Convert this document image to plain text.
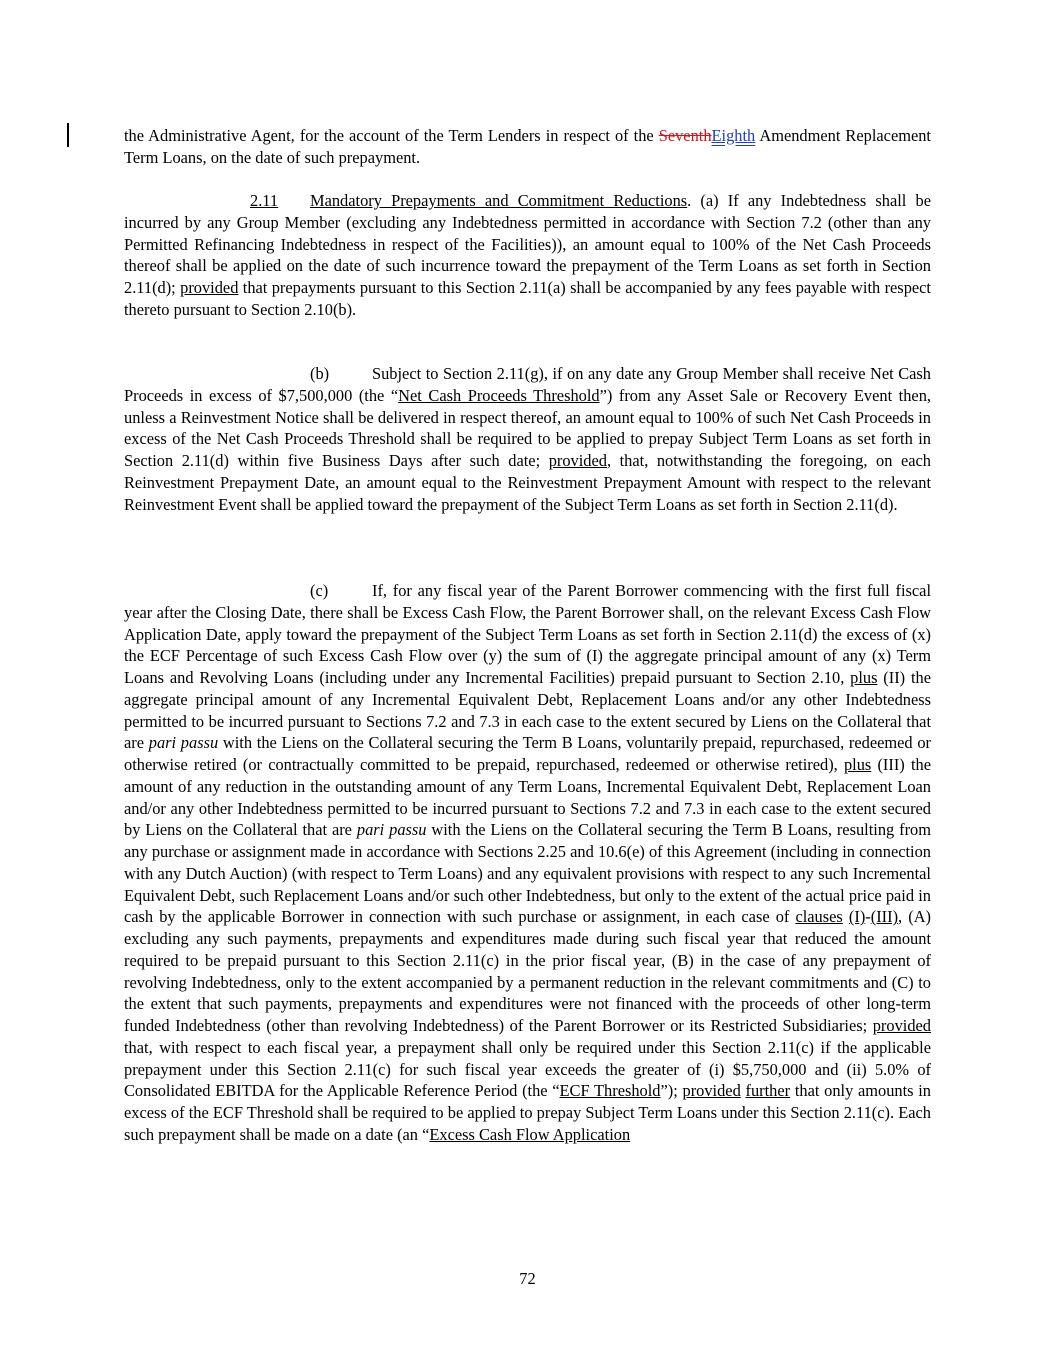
the Administrative Agent, for the account of the Term Lenders in respect of the SeventhEighth Amendment Replacement Term Loans, on the date of such prepayment.

2.11 Mandatory Prepayments and Commitment Reductions. (a) If any Indebtedness shall be incurred by any Group Member (excluding any Indebtedness permitted in accordance with Section 7.2 (other than any Permitted Refinancing Indebtedness in respect of the Facilities)), an amount equal to 100% of the Net Cash Proceeds thereof shall be applied on the date of such incurrence toward the prepayment of the Term Loans as set forth in Section 2.11(d); provided that prepayments pursuant to this Section 2.11(a) shall be accompanied by any fees payable with respect thereto pursuant to Section 2.10(b).

(b)	Subject to Section 2.11(g), if on any date any Group Member shall receive Net Cash Proceeds in excess of $7,500,000 (the “Net Cash Proceeds Threshold”) from any Asset Sale or Recovery Event then, unless a Reinvestment Notice shall be delivered in respect thereof, an amount equal to 100% of such Net Cash Proceeds in excess of the Net Cash Proceeds Threshold shall be required to be applied to prepay Subject Term Loans as set forth in Section 2.11(d) within five Business Days after such date; provided, that, notwithstanding the foregoing, on each Reinvestment Prepayment Date, an amount equal to the Reinvestment Prepayment Amount with respect to the relevant Reinvestment Event shall be applied toward the prepayment of the Subject Term Loans as set forth in Section 2.11(d).

(c)	If, for any fiscal year of the Parent Borrower commencing with the first full fiscal year after the Closing Date, there shall be Excess Cash Flow, the Parent Borrower shall, on the relevant Excess Cash Flow Application Date, apply toward the prepayment of the Subject Term Loans as set forth in Section 2.11(d) the excess of (x) the ECF Percentage of such Excess Cash Flow over (y) the sum of (I) the aggregate principal amount of any (x) Term Loans and Revolving Loans (including under any Incremental Facilities) prepaid pursuant to Section 2.10, plus (II) the aggregate principal amount of any Incremental Equivalent Debt, Replacement Loans and/or any other Indebtedness permitted to be incurred pursuant to Sections 7.2 and 7.3 in each case to the extent secured by Liens on the Collateral that are pari passu with the Liens on the Collateral securing the Term B Loans, voluntarily prepaid, repurchased, redeemed or otherwise retired (or contractually committed to be prepaid, repurchased, redeemed or otherwise retired), plus (III) the amount of any reduction in the outstanding amount of any Term Loans, Incremental Equivalent Debt, Replacement Loan and/or any other Indebtedness permitted to be incurred pursuant to Sections 7.2 and 7.3 in each case to the extent secured by Liens on the Collateral that are pari passu with the Liens on the Collateral securing the Term B Loans, resulting from any purchase or assignment made in accordance with Sections 2.25 and 10.6(e) of this Agreement (including in connection with any Dutch Auction) (with respect to Term Loans) and any equivalent provisions with respect to any such Incremental Equivalent Debt, such Replacement Loans and/or such other Indebtedness, but only to the extent of the actual price paid in cash by the applicable Borrower in connection with such purchase or assignment, in each case of clauses (I)-(III), (A) excluding any such payments, prepayments and expenditures made during such fiscal year that reduced the amount required to be prepaid pursuant to this Section 2.11(c) in the prior fiscal year, (B) in the case of any prepayment of revolving Indebtedness, only to the extent accompanied by a permanent reduction in the relevant commitments and (C) to the extent that such payments, prepayments and expenditures were not financed with the proceeds of other long-term funded Indebtedness (other than revolving Indebtedness) of the Parent Borrower or its Restricted Subsidiaries; provided that, with respect to each fiscal year, a prepayment shall only be required under this Section 2.11(c) if the applicable prepayment under this Section 2.11(c) for such fiscal year exceeds the greater of (i) $5,750,000 and (ii) 5.0% of Consolidated EBITDA for the Applicable Reference Period (the “ECF Threshold”); provided further that only amounts in excess of the ECF Threshold shall be required to be applied to prepay Subject Term Loans under this Section 2.11(c). Each such prepayment shall be made on a date (an “Excess Cash Flow Application

72
